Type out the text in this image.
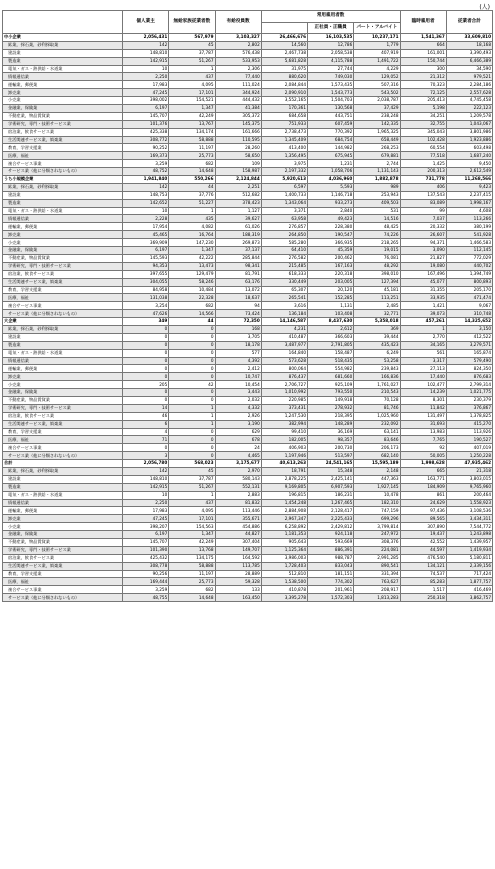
(人)
	個人業主	無給家族従業者数	有給役員数	常用雇用者数			臨時雇用者	従業者合計
					正社員・正職員	パート・アルバイト		
中小企業	2,056,431	567,979	3,103,327	26,466,676	16,103,535	10,237,171	1,541,367	33,609,810
鉱業，採石業，砂利採取業	142	45	2,802	14,560	12,786	1,779	664	18,168
建設業	148,810	37,787	576,438	2,467,738	2,058,538	407,919	161,001	3,390,493
製造業	142,915	51,267	533,953	5,681,828	4,115,788	1,491,722	150,744	6,466,389
電気・ガス・熱供給・水道業	10	1	2,306	31,975	27,744	4,229	300	34,590
情報通信業	2,250	437	77,440	880,620	749,030	129,052	21,312	979,521
運輸業，郵便業	17,983	4,095	111,024	2,084,844	1,573,435	507,316	70,323	2,284,186
卸売業	47,245	17,101	344,924	2,090,910	1,543,773	543,502	72,125	2,557,628
小売業	398,002	154,521	444,432	3,552,165	1,504,703	2,038,787	205,413	4,745,458
金融業，保険業	6,197	1,347	41,384	170,361	130,568	37,429	5,198	222,123
不動産業，物品賃貸業	145,707	42,249	305,372	684,658	443,751	238,248	34,251	1,209,578
学術研究，専門・技術サービス業	101,376	13,767	145,375	751,933	607,459	142,335	32,755	1,043,067
宿泊業，飲食サービス業	425,338	134,174	161,666	2,738,473	770,392	1,965,325	345,043	3,801,986
生活関連サービス業，娯楽業	308,772	58,888	110,595	1,345,409	684,754	658,449	102,428	1,923,886
教育，学習支援業	90,252	11,197	28,260	413,400	144,982	268,253	60,554	603,498
医療，福祉	169,373	25,773	58,650	1,356,495	675,945	679,881	77,518	1,687,240
複合サービス事業	3,259	682	109	3,975	1,231	2,744	1,425	9,450
サービス業（他に分類されないもの）	48,752	14,648	158,987	2,197,332	1,058,706	1,131,143	200,313	2,612,549
うち小規模企業	1,941,840	550,266	2,124,844	5,920,613	4,036,960	1,882,878	731,778	11,268,566
鉱業，採石業，砂利採取業	142	44	2,251	6,597	5,593	989	406	9,423
建設業	148,753	37,776	512,682	1,400,733	1,146,718	253,943	137,543	2,237,415
製造業	142,652	51,227	378,423	1,343,064	933,273	409,503	83,089	1,998,167
電気・ガス・熱供給・水道業	10	1	1,127	3,371	2,840	531	99	4,608
情報通信業	2,228	435	39,627	63,958	49,423	14,516	7,037	113,266
運輸業，郵便業	17,954	4,082	61,026	276,857	228,380	48,425	20,332	380,199
卸売業	45,465	16,764	188,319	264,850	190,547	74,226	26,607	541,928
小売業	369,909	147,230	269,873	585,280	366,935	218,265	94,371	1,466,583
金融業，保険業	6,197	1,347	37,137	64,410	45,359	19,015	3,090	112,145
不動産業，物品賃貸業	145,593	42,222	285,844	276,582	200,462	76,081	21,827	772,029
学術研究，専門・技術サービス業	94,353	13,473	98,341	215,485	167,163	48,292	19,080	440,702
宿泊業，飲食サービス業	397,655	129,479	81,791	618,333	220,318	398,010	167,496	1,394,749
生活関連サービス業，娯楽業	304,055	58,246	63,176	330,449	203,005	127,394	45,077	800,893
教育，学習支援業	84,958	10,484	13,072	65,307	20,120	45,181	31,355	205,170
医療，福祉	131,038	22,328	18,637	265,541	152,285	113,251	33,935	471,474
複合サービス事業	3,254	682	94	3,616	1,131	2,485	1,421	9,067
サービス業（他に分類されないもの）	47,626	14,566	73,424	136,184	103,408	32,771	39,073	310,748
大企業	349	44	72,350	14,146,587	8,437,630	5,358,018	457,261	14,325,652
鉱業，採石業，砂利採取業	0	0	168	4,231	2,612	369	1	3,150
建設業	0	0	3,705	410,487	366,603	39,444	2,770	412,522
製造業	0	0	18,178	3,487,977	2,791,805	435,423	34,165	3,279,571
電気・ガス・熱供給・水道業	0	0	577	164,840	158,487	6,249	561	165,874
情報通信業	0	0	4,392	573,628	518,435	53,258	3,317	579,490
運輸業，郵便業	0	0	2,412	800,064	554,982	239,843	27,113	824,350
卸売業	0	0	10,747	876,437	681,660	166,836	17,440	876,683
小売業	205	42	10,454	2,706,727	925,109	1,761,027	102,477	2,799,314
金融業，保険業	0	0	3,443	1,010,992	793,550	210,543	14,239	1,021,775
不動産業，物品賃貸業	0	0	2,032	220,985	149,918	70,128	8,301	230,379
学術研究，専門・技術サービス業	14	1	4,332	373,431	278,932	81,746	11,842	376,867
宿泊業，飲食サービス業	46	1	2,926	1,247,530	218,395	1,025,960	131,497	1,378,825
生活関連サービス業，娯楽業	6	1	3,190	382,994	148,289	232,092	31,693	415,270
教育，学習支援業	4	0	629	99,410	36,169	63,141	13,983	113,926
医療，福祉	71	0	678	182,005	98,357	83,646	7,765	190,527
複合サービス事業	0	0	24	406,903	200,730	206,173	92	407,019
サービス業（他に分類されないもの）	3	0	4,465	1,197,946	513,597	682,140	50,005	1,250,228
合計	2,056,780	568,023	3,175,677	40,613,263	24,541,165	15,595,189	1,998,628	47,935,462
鉱業，採石業，砂利採取業	142	45	2,970	18,791	15,348	2,148	665	21,318
建設業	148,810	37,787	580,143	2,878,225	2,425,141	447,363	163,771	3,803,015
製造業	142,915	51,267	552,131	9,169,805	6,907,593	1,927,145	184,909	9,765,960
電気・ガス・熱供給・水道業	10	1	2,883	196,815	186,231	10,478	861	200,464
情報通信業	2,250	437	81,832	1,454,248	1,267,465	182,310	24,629	1,558,923
運輸業，郵便業	17,983	4,095	113,446	2,884,908	2,128,417	747,159	97,436	3,108,536
卸売業	47,245	17,101	355,671	2,967,347	2,225,433	699,296	89,565	3,434,311
小売業	398,207	154,563	454,886	6,258,892	2,429,812	3,799,814	307,890	7,544,772
金融業，保険業	6,197	1,347	44,827	1,181,353	924,118	247,972	19,437	1,243,898
不動産業，物品賃貸業	145,707	42,249	307,404	905,643	593,669	308,376	42,552	1,439,957
学術研究，専門・技術サービス業	101,390	13,768	149,707	1,125,364	886,391	224,081	44,597	1,419,934
宿泊業，飲食サービス業	425,432	134,175	164,592	3,986,003	988,787	2,991,285	476,540	5,180,811
生活関連サービス業，娯楽業	308,778	58,888	113,785	1,728,403	833,043	890,541	134,121	2,339,156
教育，学習支援業	90,256	11,197	28,889	512,810	181,151	331,394	74,537	717,424
医療，福祉	169,444	25,773	59,328	1,538,500	774,302	763,627	85,283	1,877,757
複合サービス事業	3,259	682	133	410,878	201,961	208,917	1,517	416,469
サービス業（他に分類されないもの）	48,755	14,648	163,450	3,395,278	1,572,303	1,813,283	250,318	3,862,757
